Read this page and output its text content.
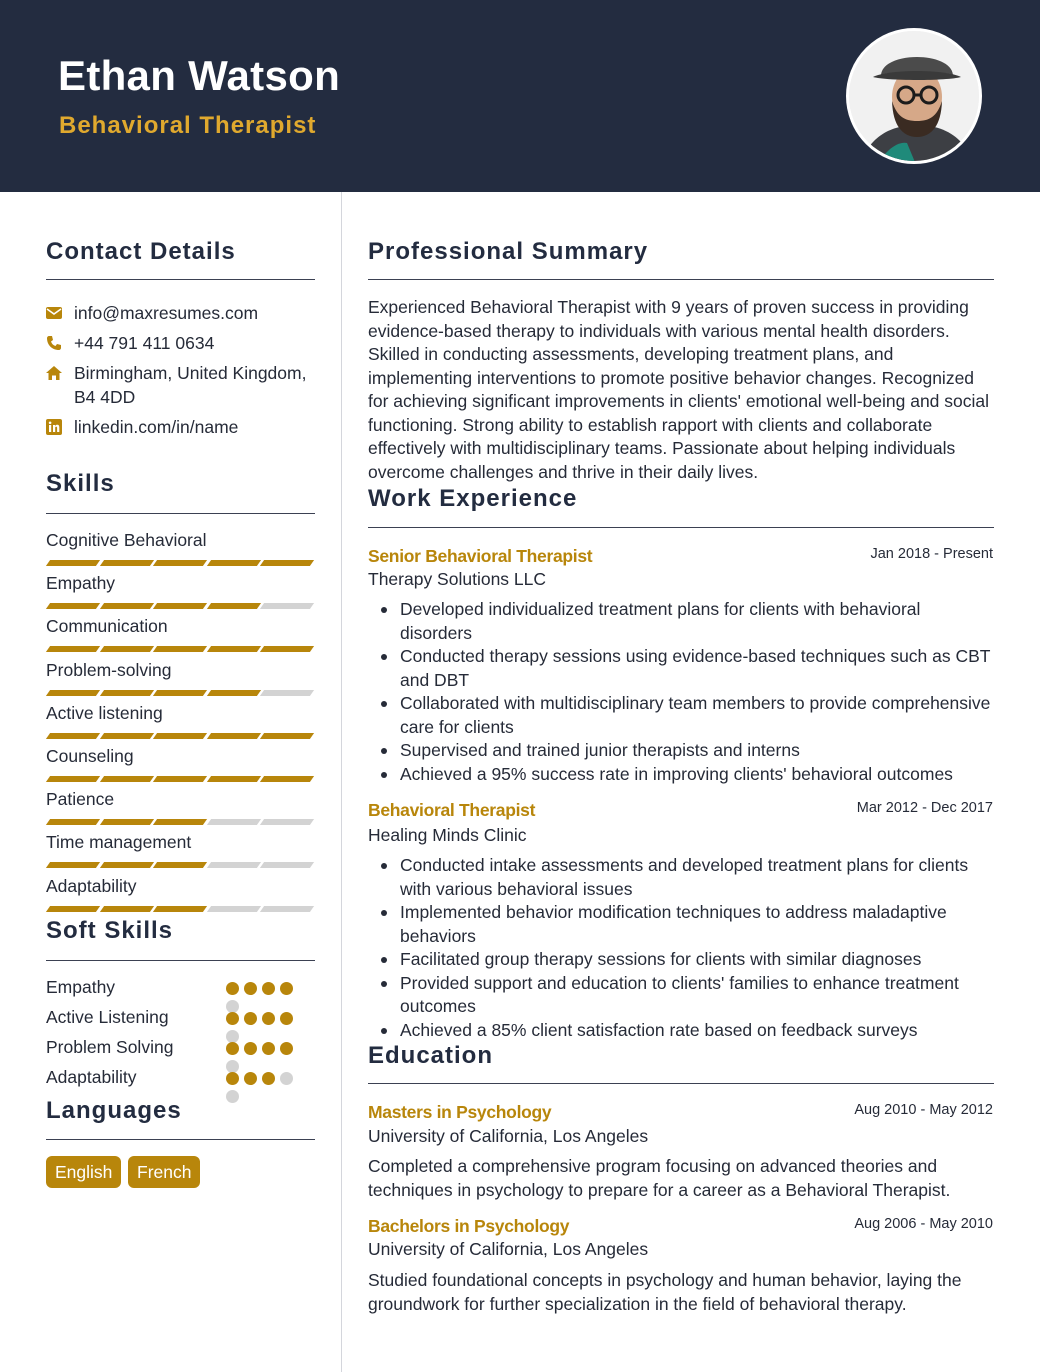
Ethan Watson
Behavioral Therapist
Contact Details
info@maxresumes.com
+44 791 411 0634
Birmingham, United Kingdom, B4 4DD
linkedin.com/in/name
Skills
Cognitive Behavioral
Empathy
Communication
Problem-solving
Active listening
Counseling
Patience
Time management
Adaptability
Soft Skills
Empathy
Active Listening
Problem Solving
Adaptability
Languages
English	French
Professional Summary
Experienced Behavioral Therapist with 9 years of proven success in providing evidence-based therapy to individuals with various mental health disorders. Skilled in conducting assessments, developing treatment plans, and implementing interventions to promote positive behavior changes. Recognized for achieving significant improvements in clients' emotional well-being and social functioning. Strong ability to establish rapport with clients and collaborate effectively with multidisciplinary teams. Passionate about helping individuals overcome challenges and thrive in their daily lives.
Work Experience
Senior Behavioral Therapist	Jan 2018 - Present
Therapy Solutions LLC
Developed individualized treatment plans for clients with behavioral disorders
Conducted therapy sessions using evidence-based techniques such as CBT and DBT
Collaborated with multidisciplinary team members to provide comprehensive care for clients
Supervised and trained junior therapists and interns
Achieved a 95% success rate in improving clients' behavioral outcomes
Behavioral Therapist	Mar 2012 - Dec 2017
Healing Minds Clinic
Conducted intake assessments and developed treatment plans for clients with various behavioral issues
Implemented behavior modification techniques to address maladaptive behaviors
Facilitated group therapy sessions for clients with similar diagnoses
Provided support and education to clients' families to enhance treatment outcomes
Achieved a 85% client satisfaction rate based on feedback surveys
Education
Masters in Psychology	Aug 2010 - May 2012
University of California, Los Angeles
Completed a comprehensive program focusing on advanced theories and techniques in psychology to prepare for a career as a Behavioral Therapist.
Bachelors in Psychology	Aug 2006 - May 2010
University of California, Los Angeles
Studied foundational concepts in psychology and human behavior, laying the groundwork for further specialization in the field of behavioral therapy.
